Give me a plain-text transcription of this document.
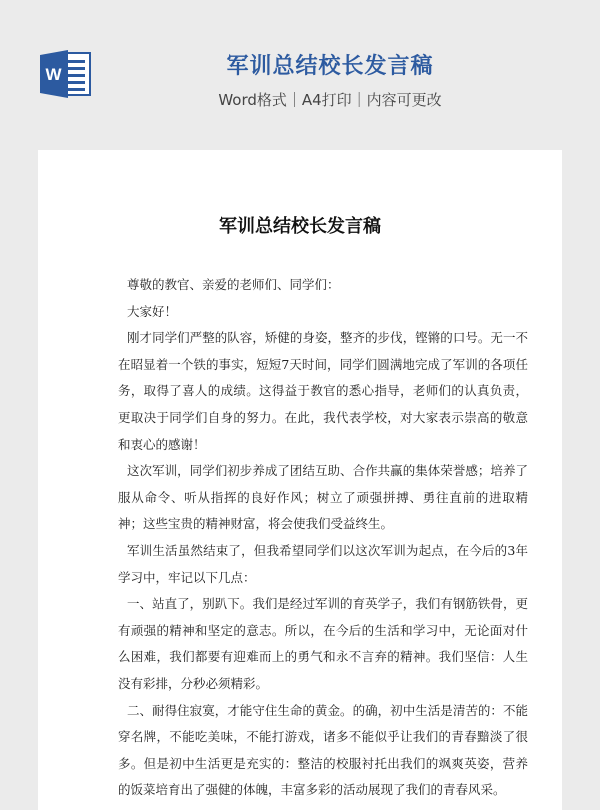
W	军训总结校长发言稿
Word格式｜A4打印｜内容可更改
军训总结校长发言稿

尊敬的教官、亲爱的老师们、同学们：

大家好！

刚才同学们严整的队容，矫健的身姿，整齐的步伐，铿锵的口号。无一不在昭显着一个铁的事实，短短7天时间，同学们圆满地完成了军训的各项任务，取得了喜人的成绩。这得益于教官的悉心指导，老师们的认真负责，更取决于同学们自身的努力。在此，我代表学校，对大家表示崇高的敬意和衷心的感谢！

这次军训，同学们初步养成了团结互助、合作共赢的集体荣誉感；培养了服从命令、听从指挥的良好作风；树立了顽强拼搏、勇往直前的进取精神；这些宝贵的精神财富，将会使我们受益终生。

军训生活虽然结束了，但我希望同学们以这次军训为起点，在今后的3年学习中，牢记以下几点：

一、站直了，别趴下。我们是经过军训的育英学子，我们有钢筋铁骨，更有顽强的精神和坚定的意志。所以，在今后的生活和学习中，无论面对什么困难，我们都要有迎难而上的勇气和永不言弃的精神。我们坚信：人生没有彩排，分秒必须精彩。

二、耐得住寂寞，才能守住生命的黄金。的确，初中生活是清苦的：不能穿名牌，不能吃美味，不能打游戏，诸多不能似乎让我们的青春黯淡了很多。但是初中生活更是充实的：整洁的校服衬托出我们的飒爽英姿，营养的饭菜培育出了强健的体魄，丰富多彩的活动展现了我们的青春风采。
